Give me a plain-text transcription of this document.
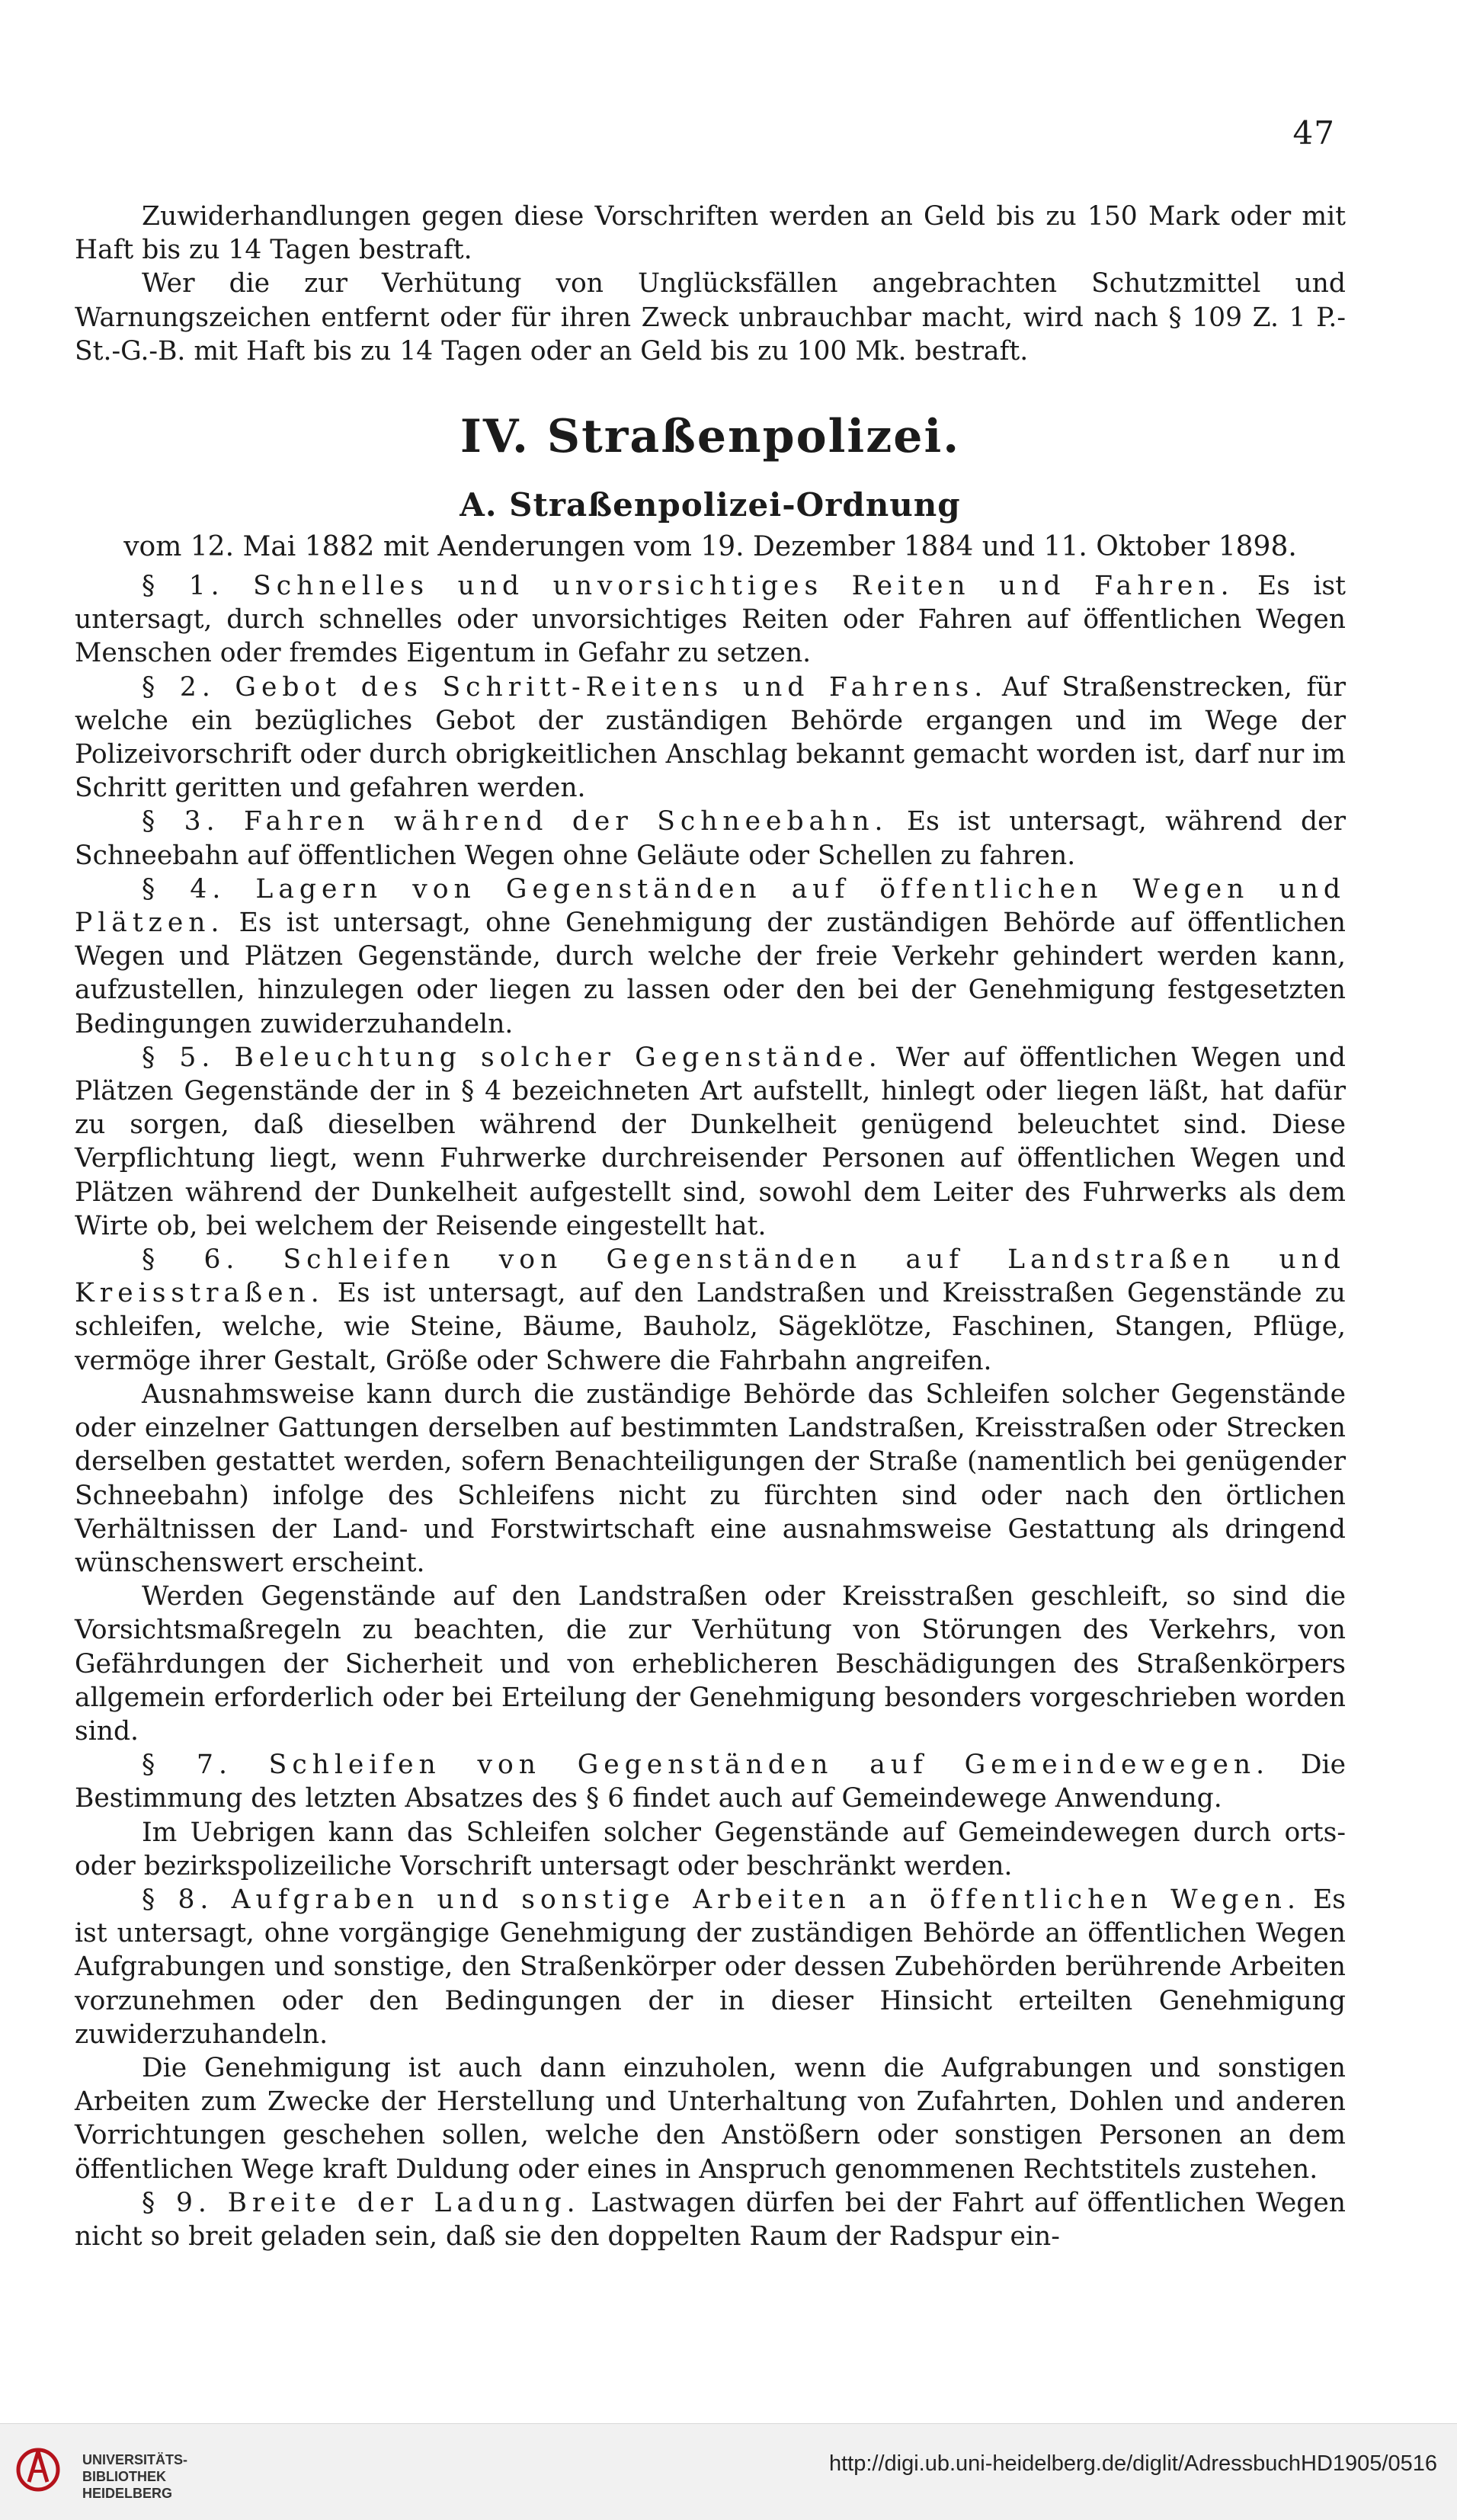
47

Zuwiderhandlungen gegen diese Vorschriften werden an Geld bis zu 150 Mark oder mit Haft bis zu 14 Tagen bestraft.

Wer die zur Verhütung von Unglücksfällen angebrachten Schutzmittel und Warnungszeichen entfernt oder für ihren Zweck unbrauchbar macht, wird nach § 109 Z. 1 P.-St.-G.-B. mit Haft bis zu 14 Tagen oder an Geld bis zu 100 Mk. bestraft.

IV. Straßenpolizei.
A. Straßenpolizei-Ordnung
vom 12. Mai 1882 mit Aenderungen vom 19. Dezember 1884 und 11. Oktober 1898.

§ 1. Schnelles und unvorsichtiges Reiten und Fahren. Es ist untersagt, durch schnelles oder unvorsichtiges Reiten oder Fahren auf öffentlichen Wegen Menschen oder fremdes Eigentum in Gefahr zu setzen.

§ 2. Gebot des Schritt-Reitens und Fahrens. Auf Straßenstrecken, für welche ein bezügliches Gebot der zuständigen Behörde ergangen und im Wege der Polizeivorschrift oder durch obrigkeitlichen Anschlag bekannt gemacht worden ist, darf nur im Schritt geritten und gefahren werden.

§ 3. Fahren während der Schneebahn. Es ist untersagt, während der Schneebahn auf öffentlichen Wegen ohne Geläute oder Schellen zu fahren.

§ 4. Lagern von Gegenständen auf öffentlichen Wegen und Plätzen. Es ist untersagt, ohne Genehmigung der zuständigen Behörde auf öffentlichen Wegen und Plätzen Gegenstände, durch welche der freie Verkehr gehindert werden kann, aufzustellen, hinzulegen oder liegen zu lassen oder den bei der Genehmigung festgesetzten Bedingungen zuwiderzuhandeln.

§ 5. Beleuchtung solcher Gegenstände. Wer auf öffentlichen Wegen und Plätzen Gegenstände der in § 4 bezeichneten Art aufstellt, hinlegt oder liegen läßt, hat dafür zu sorgen, daß dieselben während der Dunkelheit genügend beleuchtet sind. Diese Verpflichtung liegt, wenn Fuhrwerke durchreisender Personen auf öffentlichen Wegen und Plätzen während der Dunkelheit aufgestellt sind, sowohl dem Leiter des Fuhrwerks als dem Wirte ob, bei welchem der Reisende eingestellt hat.

§ 6. Schleifen von Gegenständen auf Landstraßen und Kreisstraßen. Es ist untersagt, auf den Landstraßen und Kreisstraßen Gegenstände zu schleifen, welche, wie Steine, Bäume, Bauholz, Sägeklötze, Faschinen, Stangen, Pflüge, vermöge ihrer Gestalt, Größe oder Schwere die Fahrbahn angreifen.

Ausnahmsweise kann durch die zuständige Behörde das Schleifen solcher Gegenstände oder einzelner Gattungen derselben auf bestimmten Landstraßen, Kreisstraßen oder Strecken derselben gestattet werden, sofern Benachteiligungen der Straße (namentlich bei genügender Schneebahn) infolge des Schleifens nicht zu fürchten sind oder nach den örtlichen Verhältnissen der Land- und Forstwirtschaft eine ausnahmsweise Gestattung als dringend wünschenswert erscheint.

Werden Gegenstände auf den Landstraßen oder Kreisstraßen geschleift, so sind die Vorsichtsmaßregeln zu beachten, die zur Verhütung von Störungen des Verkehrs, von Gefährdungen der Sicherheit und von erheblicheren Beschädigungen des Straßenkörpers allgemein erforderlich oder bei Erteilung der Genehmigung besonders vorgeschrieben worden sind.

§ 7. Schleifen von Gegenständen auf Gemeindewegen. Die Bestimmung des letzten Absatzes des § 6 findet auch auf Gemeindewege Anwendung.

Im Uebrigen kann das Schleifen solcher Gegenstände auf Gemeindewegen durch orts- oder bezirkspolizeiliche Vorschrift untersagt oder beschränkt werden.

§ 8. Aufgraben und sonstige Arbeiten an öffentlichen Wegen. Es ist untersagt, ohne vorgängige Genehmigung der zuständigen Behörde an öffentlichen Wegen Aufgrabungen und sonstige, den Straßenkörper oder dessen Zubehörden berührende Arbeiten vorzunehmen oder den Bedingungen der in dieser Hinsicht erteilten Genehmigung zuwiderzuhandeln.

Die Genehmigung ist auch dann einzuholen, wenn die Aufgrabungen und sonstigen Arbeiten zum Zwecke der Herstellung und Unterhaltung von Zufahrten, Dohlen und anderen Vorrichtungen geschehen sollen, welche den Anstößern oder sonstigen Personen an dem öffentlichen Wege kraft Duldung oder eines in Anspruch genommenen Rechtstitels zustehen.

§ 9. Breite der Ladung. Lastwagen dürfen bei der Fahrt auf öffentlichen Wegen nicht so breit geladen sein, daß sie den doppelten Raum der Radspur ein-

UNIVERSITÄTS-
BIBLIOTHEK
HEIDELBERG
http://digi.ub.uni-heidelberg.de/diglit/AdressbuchHD1905/0516
